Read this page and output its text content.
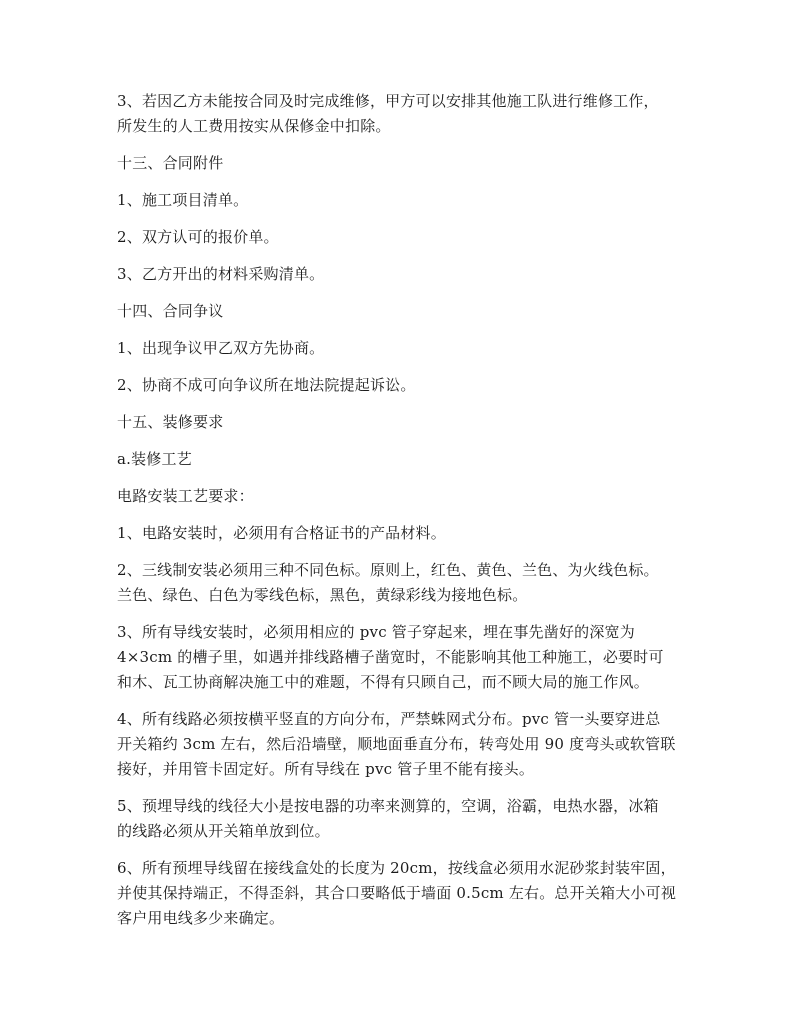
3、若因乙方未能按合同及时完成维修，甲方可以安排其他施工队进行维修工作，
所发生的人工费用按实从保修金中扣除。

十三、合同附件

1、施工项目清单。

2、双方认可的报价单。

3、乙方开出的材料采购清单。

十四、合同争议

1、出现争议甲乙双方先协商。

2、协商不成可向争议所在地法院提起诉讼。

十五、装修要求

a.装修工艺

电路安装工艺要求：

1、电路安装时，必须用有合格证书的产品材料。

2、三线制安装必须用三种不同色标。原则上，红色、黄色、兰色、为火线色标。
兰色、绿色、白色为零线色标，黑色，黄绿彩线为接地色标。

3、所有导线安装时，必须用相应的 pvc 管子穿起来，埋在事先凿好的深宽为
4×3cm 的槽子里，如遇并排线路槽子凿宽时，不能影响其他工种施工，必要时可
和木、瓦工协商解决施工中的难题，不得有只顾自己，而不顾大局的施工作风。

4、所有线路必须按横平竖直的方向分布，严禁蛛网式分布。pvc 管一头要穿进总
开关箱约 3cm 左右，然后沿墙壁，顺地面垂直分布，转弯处用 90 度弯头或软管联
接好，并用管卡固定好。所有导线在 pvc 管子里不能有接头。

5、预埋导线的线径大小是按电器的功率来测算的，空调，浴霸，电热水器，冰箱
的线路必须从开关箱单放到位。

6、所有预埋导线留在接线盒处的长度为 20cm，按线盒必须用水泥砂浆封装牢固，
并使其保持端正，不得歪斜，其合口要略低于墙面 0.5cm 左右。总开关箱大小可视
客户用电线多少来确定。
